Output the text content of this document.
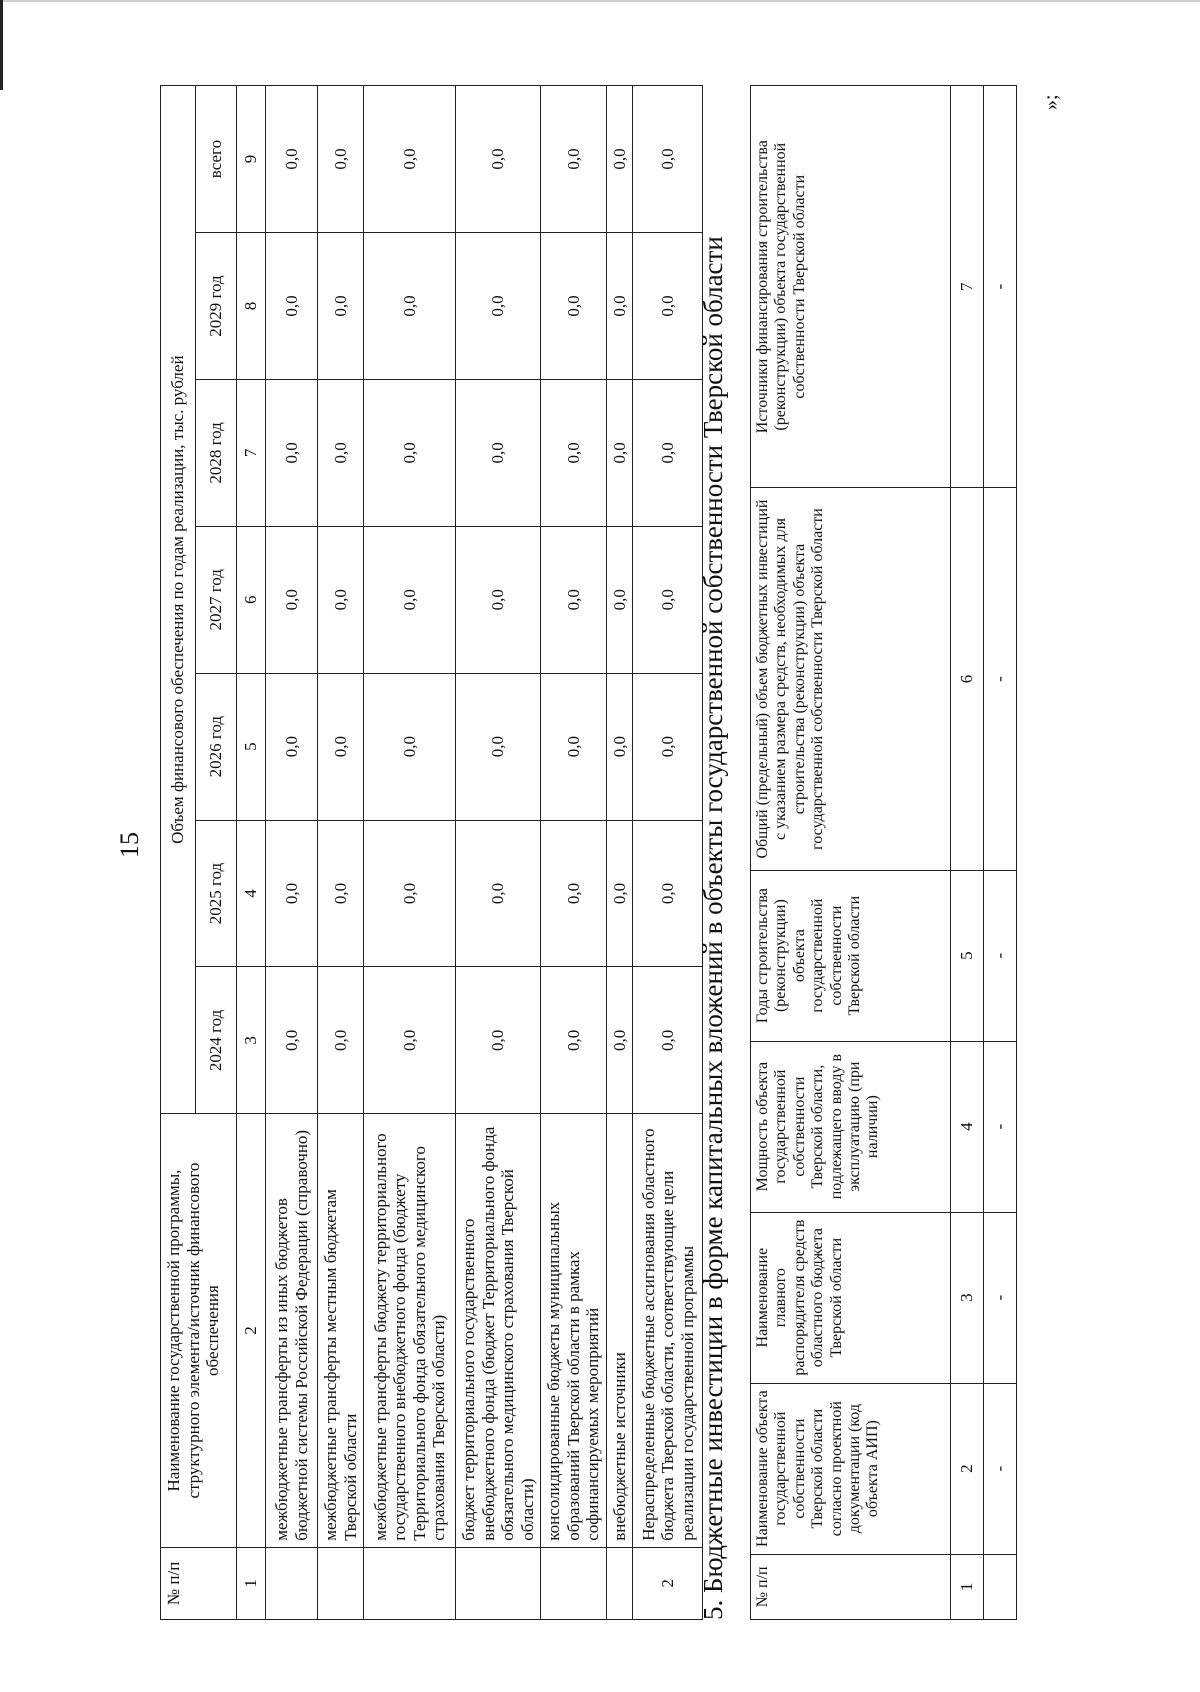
15
№ п/п	Наименование государственной программы, структурного элемента/источник финансового обеспечения	Объем финансового обеспечения по годам реализации, тыс. рублей						
		2024 год	2025 год	2026 год	2027 год	2028 год	2029 год	всего
1	2	3	4	5	6	7	8	9
	межбюджетные трансферты из иных бюджетов бюджетной системы Российской Федерации (справочно)	0,0	0,0	0,0	0,0	0,0	0,0	0,0
	межбюджетные трансферты местным бюджетам Тверской области	0,0	0,0	0,0	0,0	0,0	0,0	0,0
	межбюджетные трансферты бюджету территориального государственного внебюджетного фонда (бюджету Территориального фонда обязательного медицинского страхования Тверской области)	0,0	0,0	0,0	0,0	0,0	0,0	0,0
	бюджет территориального государственного внебюджетного фонда (бюджет Территориального фонда обязательного медицинского страхования Тверской области)	0,0	0,0	0,0	0,0	0,0	0,0	0,0
	консолидированные бюджеты муниципальных образований Тверской области в рамках софинансируемых мероприятий	0,0	0,0	0,0	0,0	0,0	0,0	0,0
	внебюджетные источники	0,0	0,0	0,0	0,0	0,0	0,0	0,0
2	Нераспределенные бюджетные ассигнования областного бюджета Тверской области, соответствующие цели реализации государственной программы	0,0	0,0	0,0	0,0	0,0	0,0	0,0
5. Бюджетные инвестиции в форме капитальных вложений в объекты государственной собственности Тверской области № п/п	Наименование объекта государственной собственности Тверской области согласно проектной документации (код объекта АИП)	Наименование главного распорядителя средств областного бюджета Тверской области	Мощность объекта государственной собственности Тверской области, подлежащего вводу в эксплуатацию (при наличии)	Годы строительства (реконструкции) объекта государственной собственности Тверской области	Общий (предельный) объем бюджетных инвестиций с указанием размера средств, необходимых для строительства (реконструкции) объекта государственной собственности Тверской области	Источники финансирования строительства (реконструкции) объекта государственной собственности Тверской области
1	2	3	4	5	6	7
	-	-	-	-	-	-
»;
